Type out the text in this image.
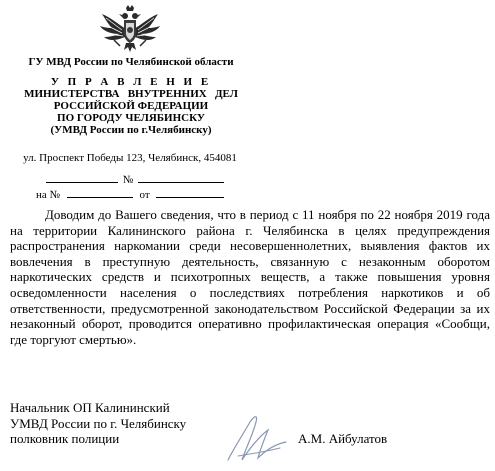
ГУ МВД России по Челябинской области
У П Р А В Л Е Н И Е
МИНИСТЕРСТВА   ВНУТРЕННИХ   ДЕЛ
РОССИЙСКОЙ ФЕДЕРАЦИИ
ПО ГОРОДУ ЧЕЛЯБИНСКУ
(УМВД России по г.Челябинску)
ул. Проспект Победы 123, Челябинск, 454081
№
на №	от
Доводим до Вашего сведения, что в период с 11 ноября по 22 ноября 2019 года на территории Калининского района г. Челябинска в целях предупреждения распространения наркомании среди несовершеннолетних, выявления фактов их вовлечения в преступную деятельность, связанную с незаконным оборотом наркотических средств и психотропных веществ, а также повышения уровня осведомленности населения о последствиях потребления наркотиков и об ответственности, предусмотренной законодательством Российской Федерации за их незаконный оборот, проводится оперативно профилактическая операция «Сообщи, где торгуют смертью».
Начальник ОП Калининский
УМВД России по г. Челябинску
полковник полиции	А.М. Айбулатов
